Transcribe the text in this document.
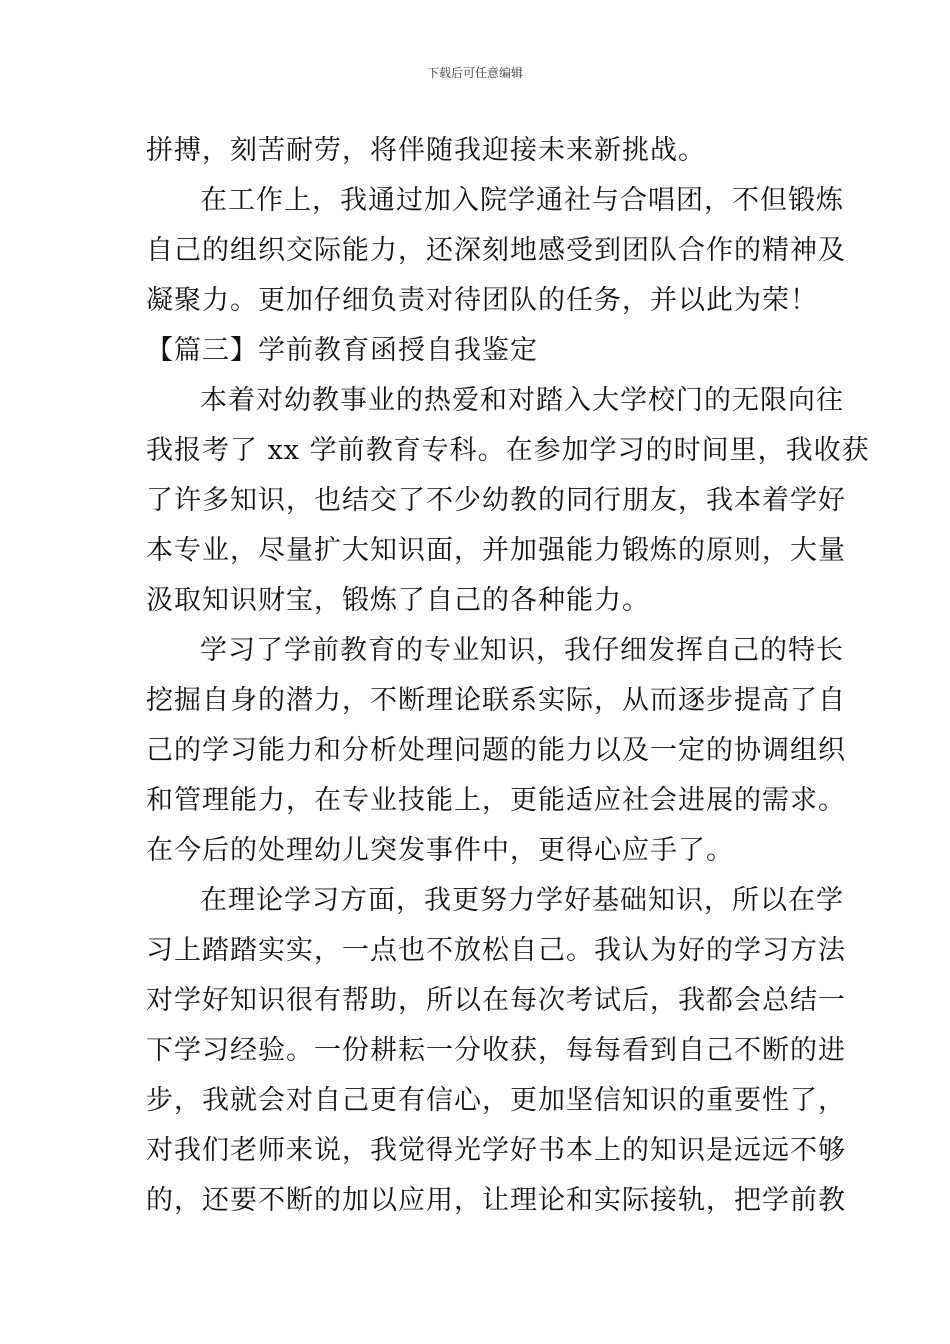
下载后可任意编辑
拼搏，刻苦耐劳，将伴随我迎接未来新挑战。
在工作上，我通过加入院学通社与合唱团，不但锻炼
自己的组织交际能力，还深刻地感受到团队合作的精神及
凝聚力。更加仔细负责对待团队的任务，并以此为荣！
【篇三】学前教育函授自我鉴定
本着对幼教事业的热爱和对踏入大学校门的无限向往
我报考了 xx 学前教育专科。在参加学习的时间里，我收获
了许多知识，也结交了不少幼教的同行朋友，我本着学好
本专业，尽量扩大知识面，并加强能力锻炼的原则，大量
汲取知识财宝，锻炼了自己的各种能力。
学习了学前教育的专业知识，我仔细发挥自己的特长
挖掘自身的潜力，不断理论联系实际，从而逐步提高了自
己的学习能力和分析处理问题的能力以及一定的协调组织
和管理能力，在专业技能上，更能适应社会进展的需求。
在今后的处理幼儿突发事件中，更得心应手了。
在理论学习方面，我更努力学好基础知识，所以在学
习上踏踏实实，一点也不放松自己。我认为好的学习方法
对学好知识很有帮助，所以在每次考试后，我都会总结一
下学习经验。一份耕耘一分收获，每每看到自己不断的进
步，我就会对自己更有信心，更加坚信知识的重要性了，
对我们老师来说，我觉得光学好书本上的知识是远远不够
的，还要不断的加以应用，让理论和实际接轨，把学前教
